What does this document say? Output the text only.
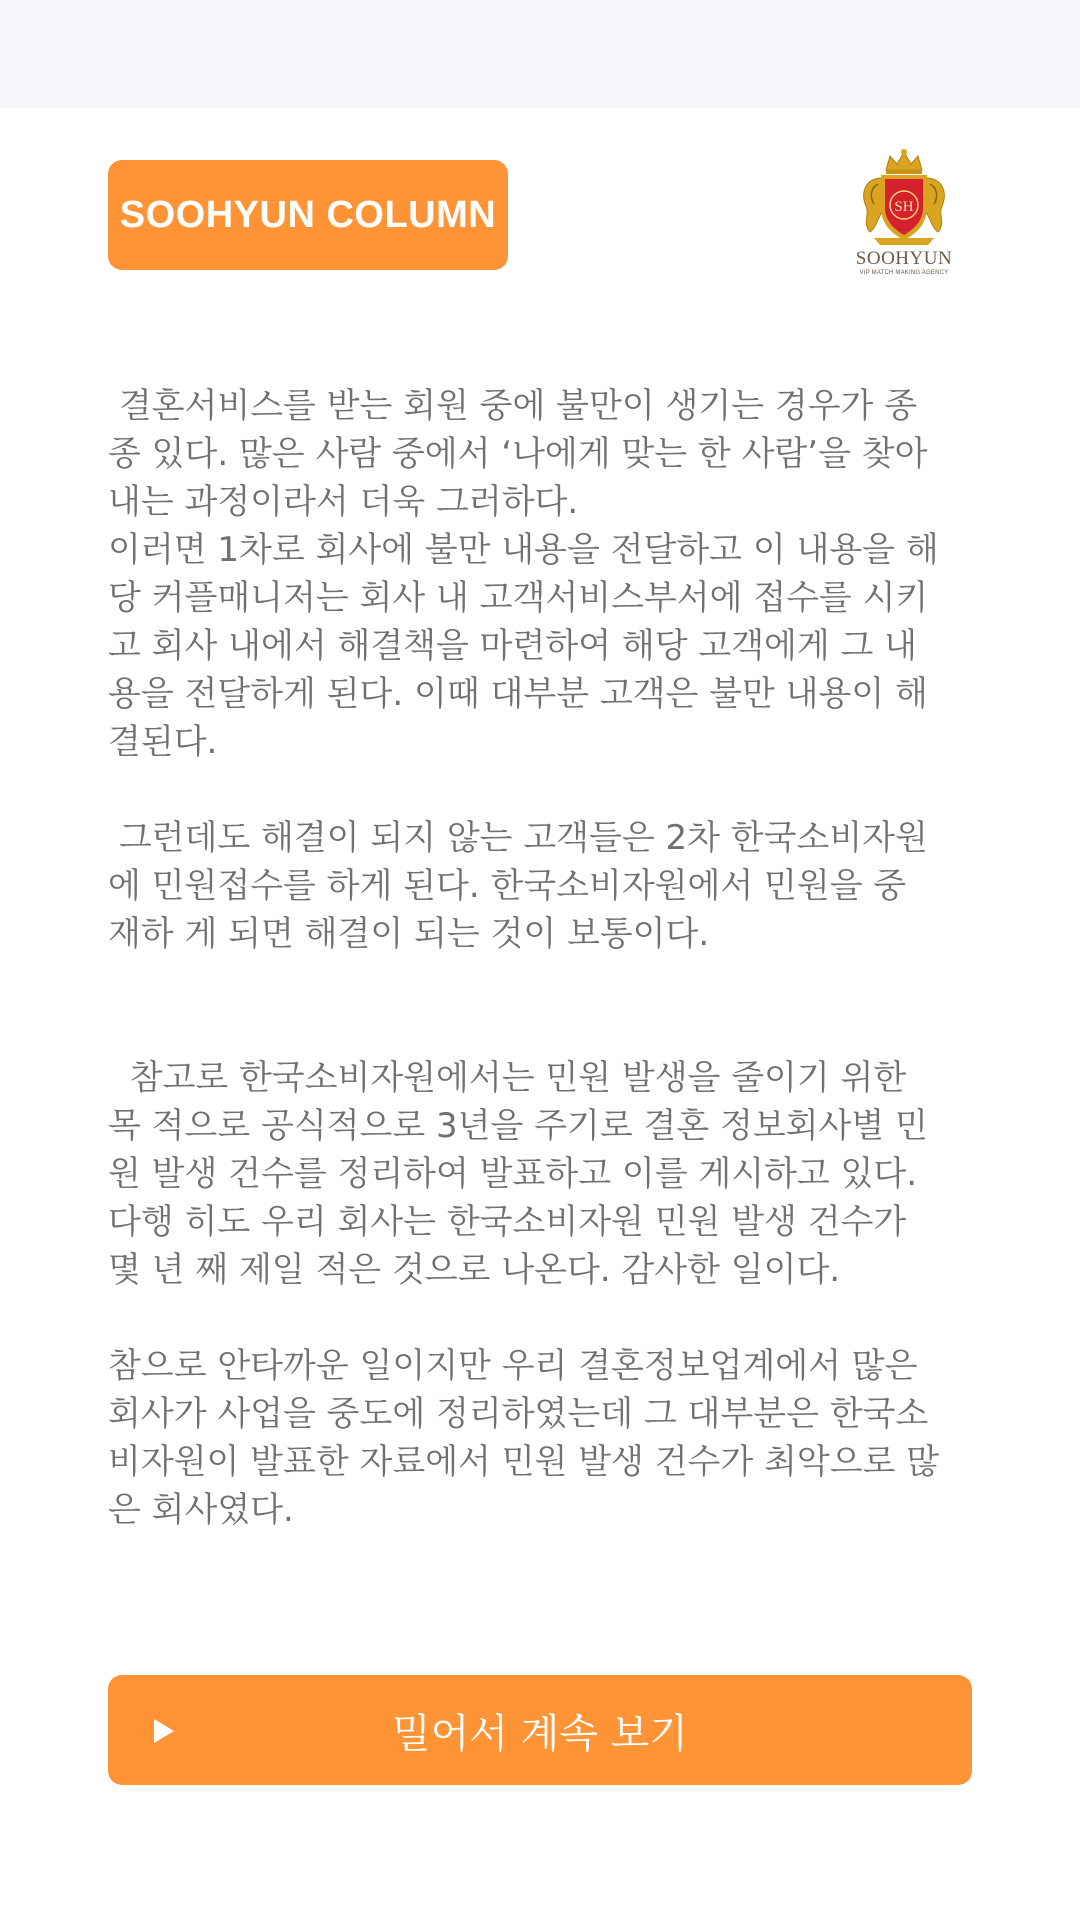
SOOHYUN COLUMN	SH
SOOHYUN
VIP MATCH MAKING AGENCY

결혼서비스를 받는 회원 중에 불만이 생기는 경우가 종
종 있다. 많은 사람 중에서 ‘나에게 맞는 한 사람’을 찾아
내는 과정이라서 더욱 그러하다.
이러면 1차로 회사에 불만 내용을 전달하고 이 내용을 해
당 커플매니저는 회사 내 고객서비스부서에 접수를 시키
고 회사 내에서 해결책을 마련하여 해당 고객에게 그 내
용을 전달하게 된다. 이때 대부분 고객은 불만 내용이 해
결된다.

그런데도 해결이 되지 않는 고객들은 2차 한국소비자원
에 민원접수를 하게 된다. 한국소비자원에서 민원을 중
재하 게 되면 해결이 되는 것이 보통이다.

참고로 한국소비자원에서는 민원 발생을 줄이기 위한
목 적으로 공식적으로 3년을 주기로 결혼 정보회사별 민
원 발생 건수를 정리하여 발표하고 이를 게시하고 있다.
다행 히도 우리 회사는 한국소비자원 민원 발생 건수가
몇 년 째 제일 적은 것으로 나온다. 감사한 일이다.

참으로 안타까운 일이지만 우리 결혼정보업계에서 많은
회사가 사업을 중도에 정리하였는데 그 대부분은 한국소
비자원이 발표한 자료에서 민원 발생 건수가 최악으로 많
은 회사였다.

밀어서 계속 보기
